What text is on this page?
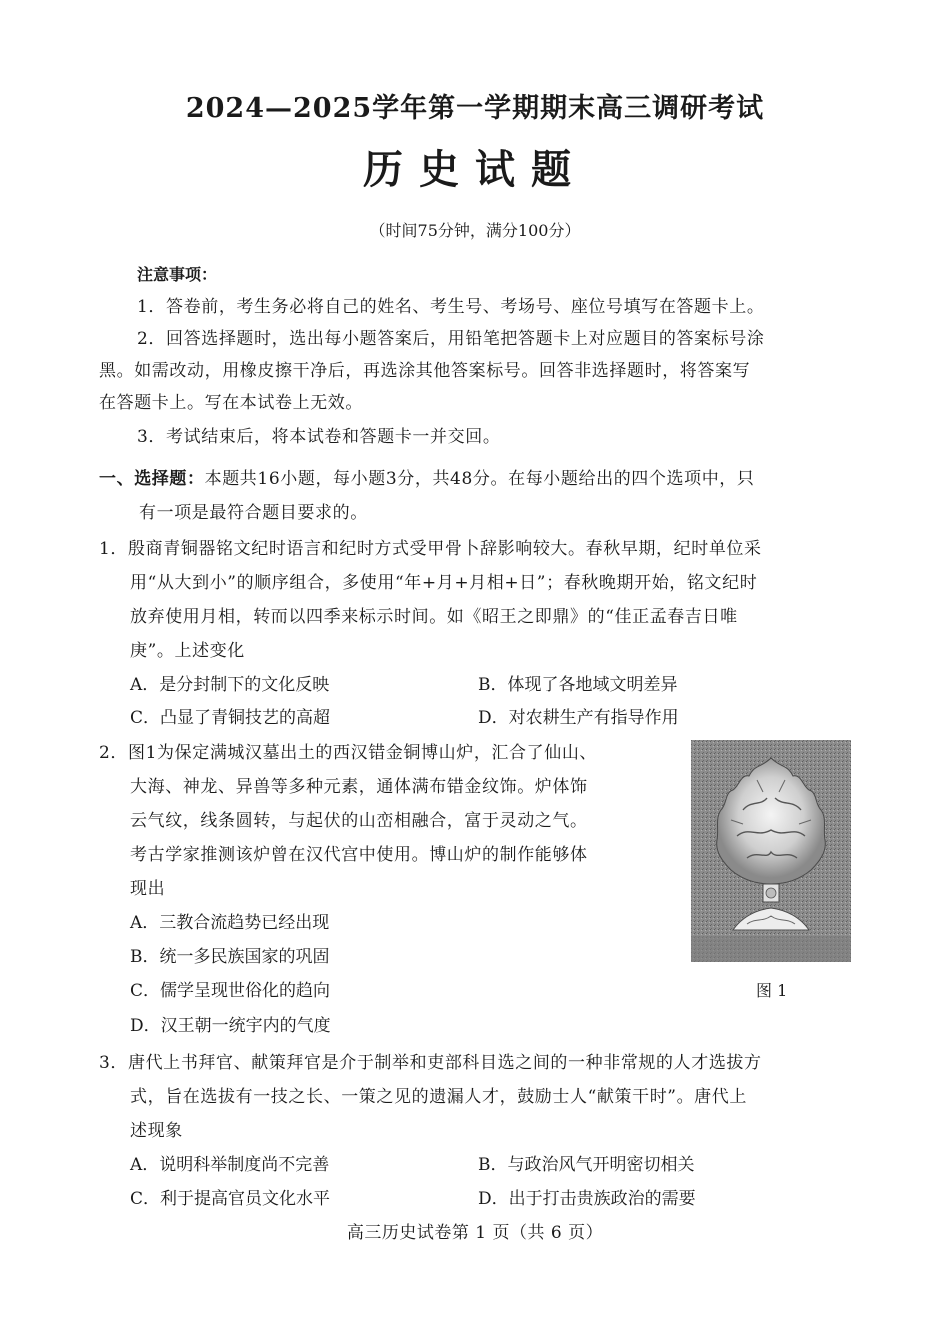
2024—2025学年第一学期期末高三调研考试
历史试题
（时间75分钟，满分100分）
注意事项：
1．答卷前，考生务必将自己的姓名、考生号、考场号、座位号填写在答题卡上。
2．回答选择题时，选出每小题答案后，用铅笔把答题卡上对应题目的答案标号涂
黑。如需改动，用橡皮擦干净后，再选涂其他答案标号。回答非选择题时，将答案写
在答题卡上。写在本试卷上无效。
3．考试结束后，将本试卷和答题卡一并交回。
一、选择题：本题共16小题，每小题3分，共48分。在每小题给出的四个选项中，只
有一项是最符合题目要求的。
1．殷商青铜器铭文纪时语言和纪时方式受甲骨卜辞影响较大。春秋早期，纪时单位采
用“从大到小”的顺序组合，多使用“年+月+月相+日”；春秋晚期开始，铭文纪时
放弃使用月相，转而以四季来标示时间。如《昭王之即鼎》的“佳正孟春吉日唯
庚”。上述变化
A．是分封制下的文化反映	B．体现了各地域文明差异
C．凸显了青铜技艺的高超	D．对农耕生产有指导作用
2．图1为保定满城汉墓出土的西汉错金铜博山炉，汇合了仙山、
大海、神龙、异兽等多种元素，通体满布错金纹饰。炉体饰
云气纹，线条圆转，与起伏的山峦相融合，富于灵动之气。
考古学家推测该炉曾在汉代宫中使用。博山炉的制作能够体
现出
A．三教合流趋势已经出现
B．统一多民族国家的巩固
C．儒学呈现世俗化的趋向
D．汉王朝一统宇内的气度
图 1
3．唐代上书拜官、献策拜官是介于制举和吏部科目选之间的一种非常规的人才选拔方
式，旨在选拔有一技之长、一策之见的遗漏人才，鼓励士人“献策干时”。唐代上
述现象
A．说明科举制度尚不完善	B．与政治风气开明密切相关
C．利于提高官员文化水平	D．出于打击贵族政治的需要
高三历史试卷第 1 页（共 6 页）
